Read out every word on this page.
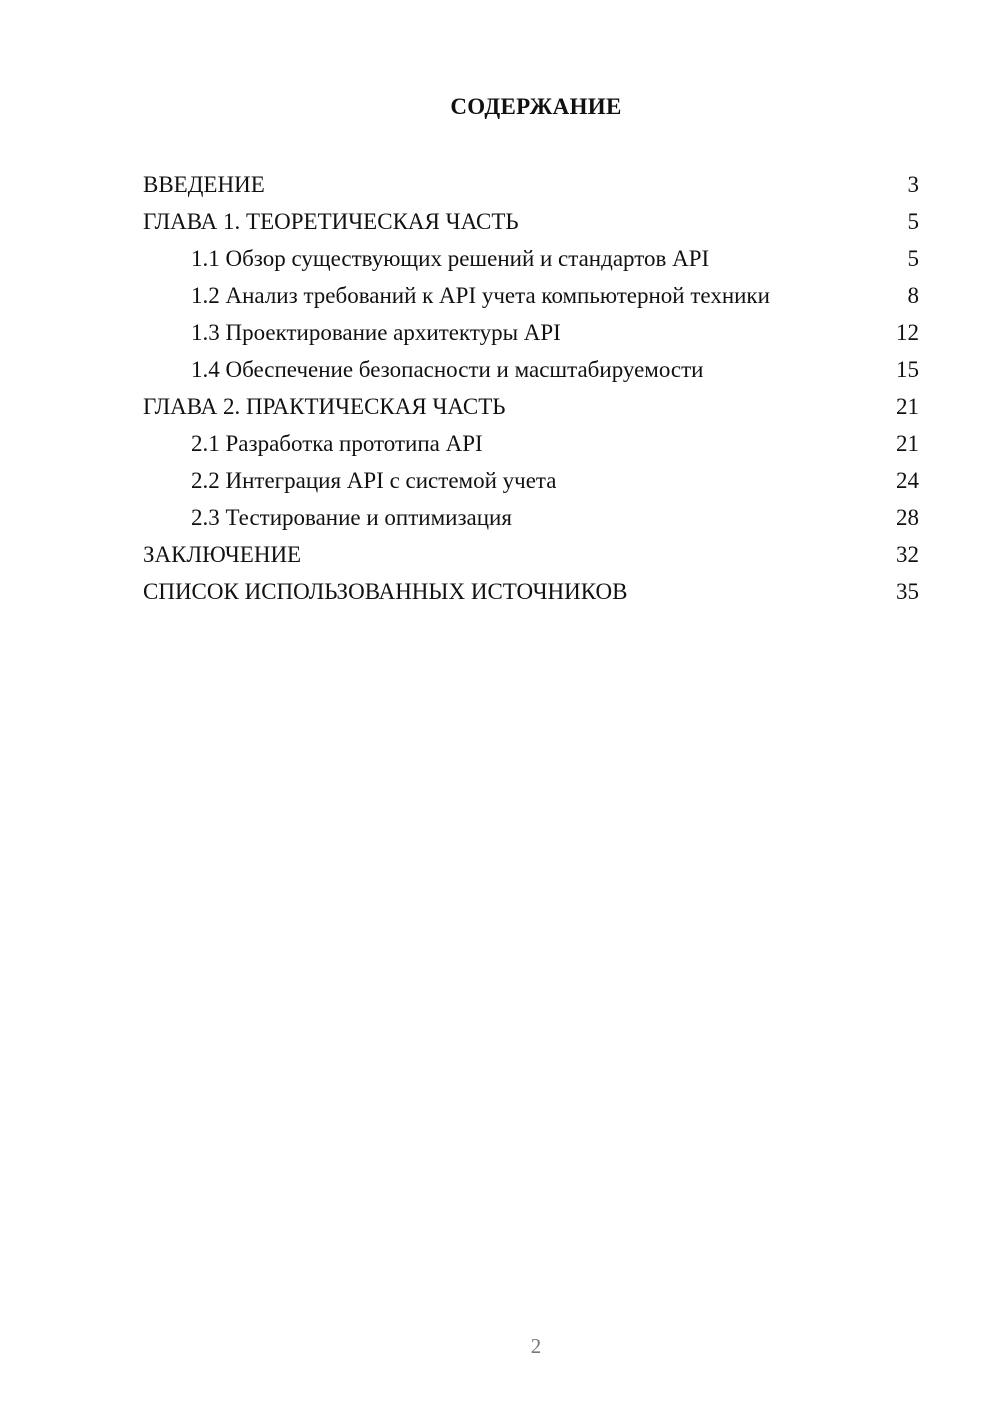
СОДЕРЖАНИЕ
ВВЕДЕНИЕ	3
ГЛАВА 1. ТЕОРЕТИЧЕСКАЯ ЧАСТЬ	5
1.1 Обзор существующих решений и стандартов API	5
1.2 Анализ требований к API учета компьютерной техники	8
1.3 Проектирование архитектуры API	12
1.4 Обеспечение безопасности и масштабируемости	15
ГЛАВА 2. ПРАКТИЧЕСКАЯ ЧАСТЬ	21
2.1 Разработка прототипа API	21
2.2 Интеграция API с системой учета	24
2.3 Тестирование и оптимизация	28
ЗАКЛЮЧЕНИЕ	32
СПИСОК ИСПОЛЬЗОВАННЫХ ИСТОЧНИКОВ	35
2
